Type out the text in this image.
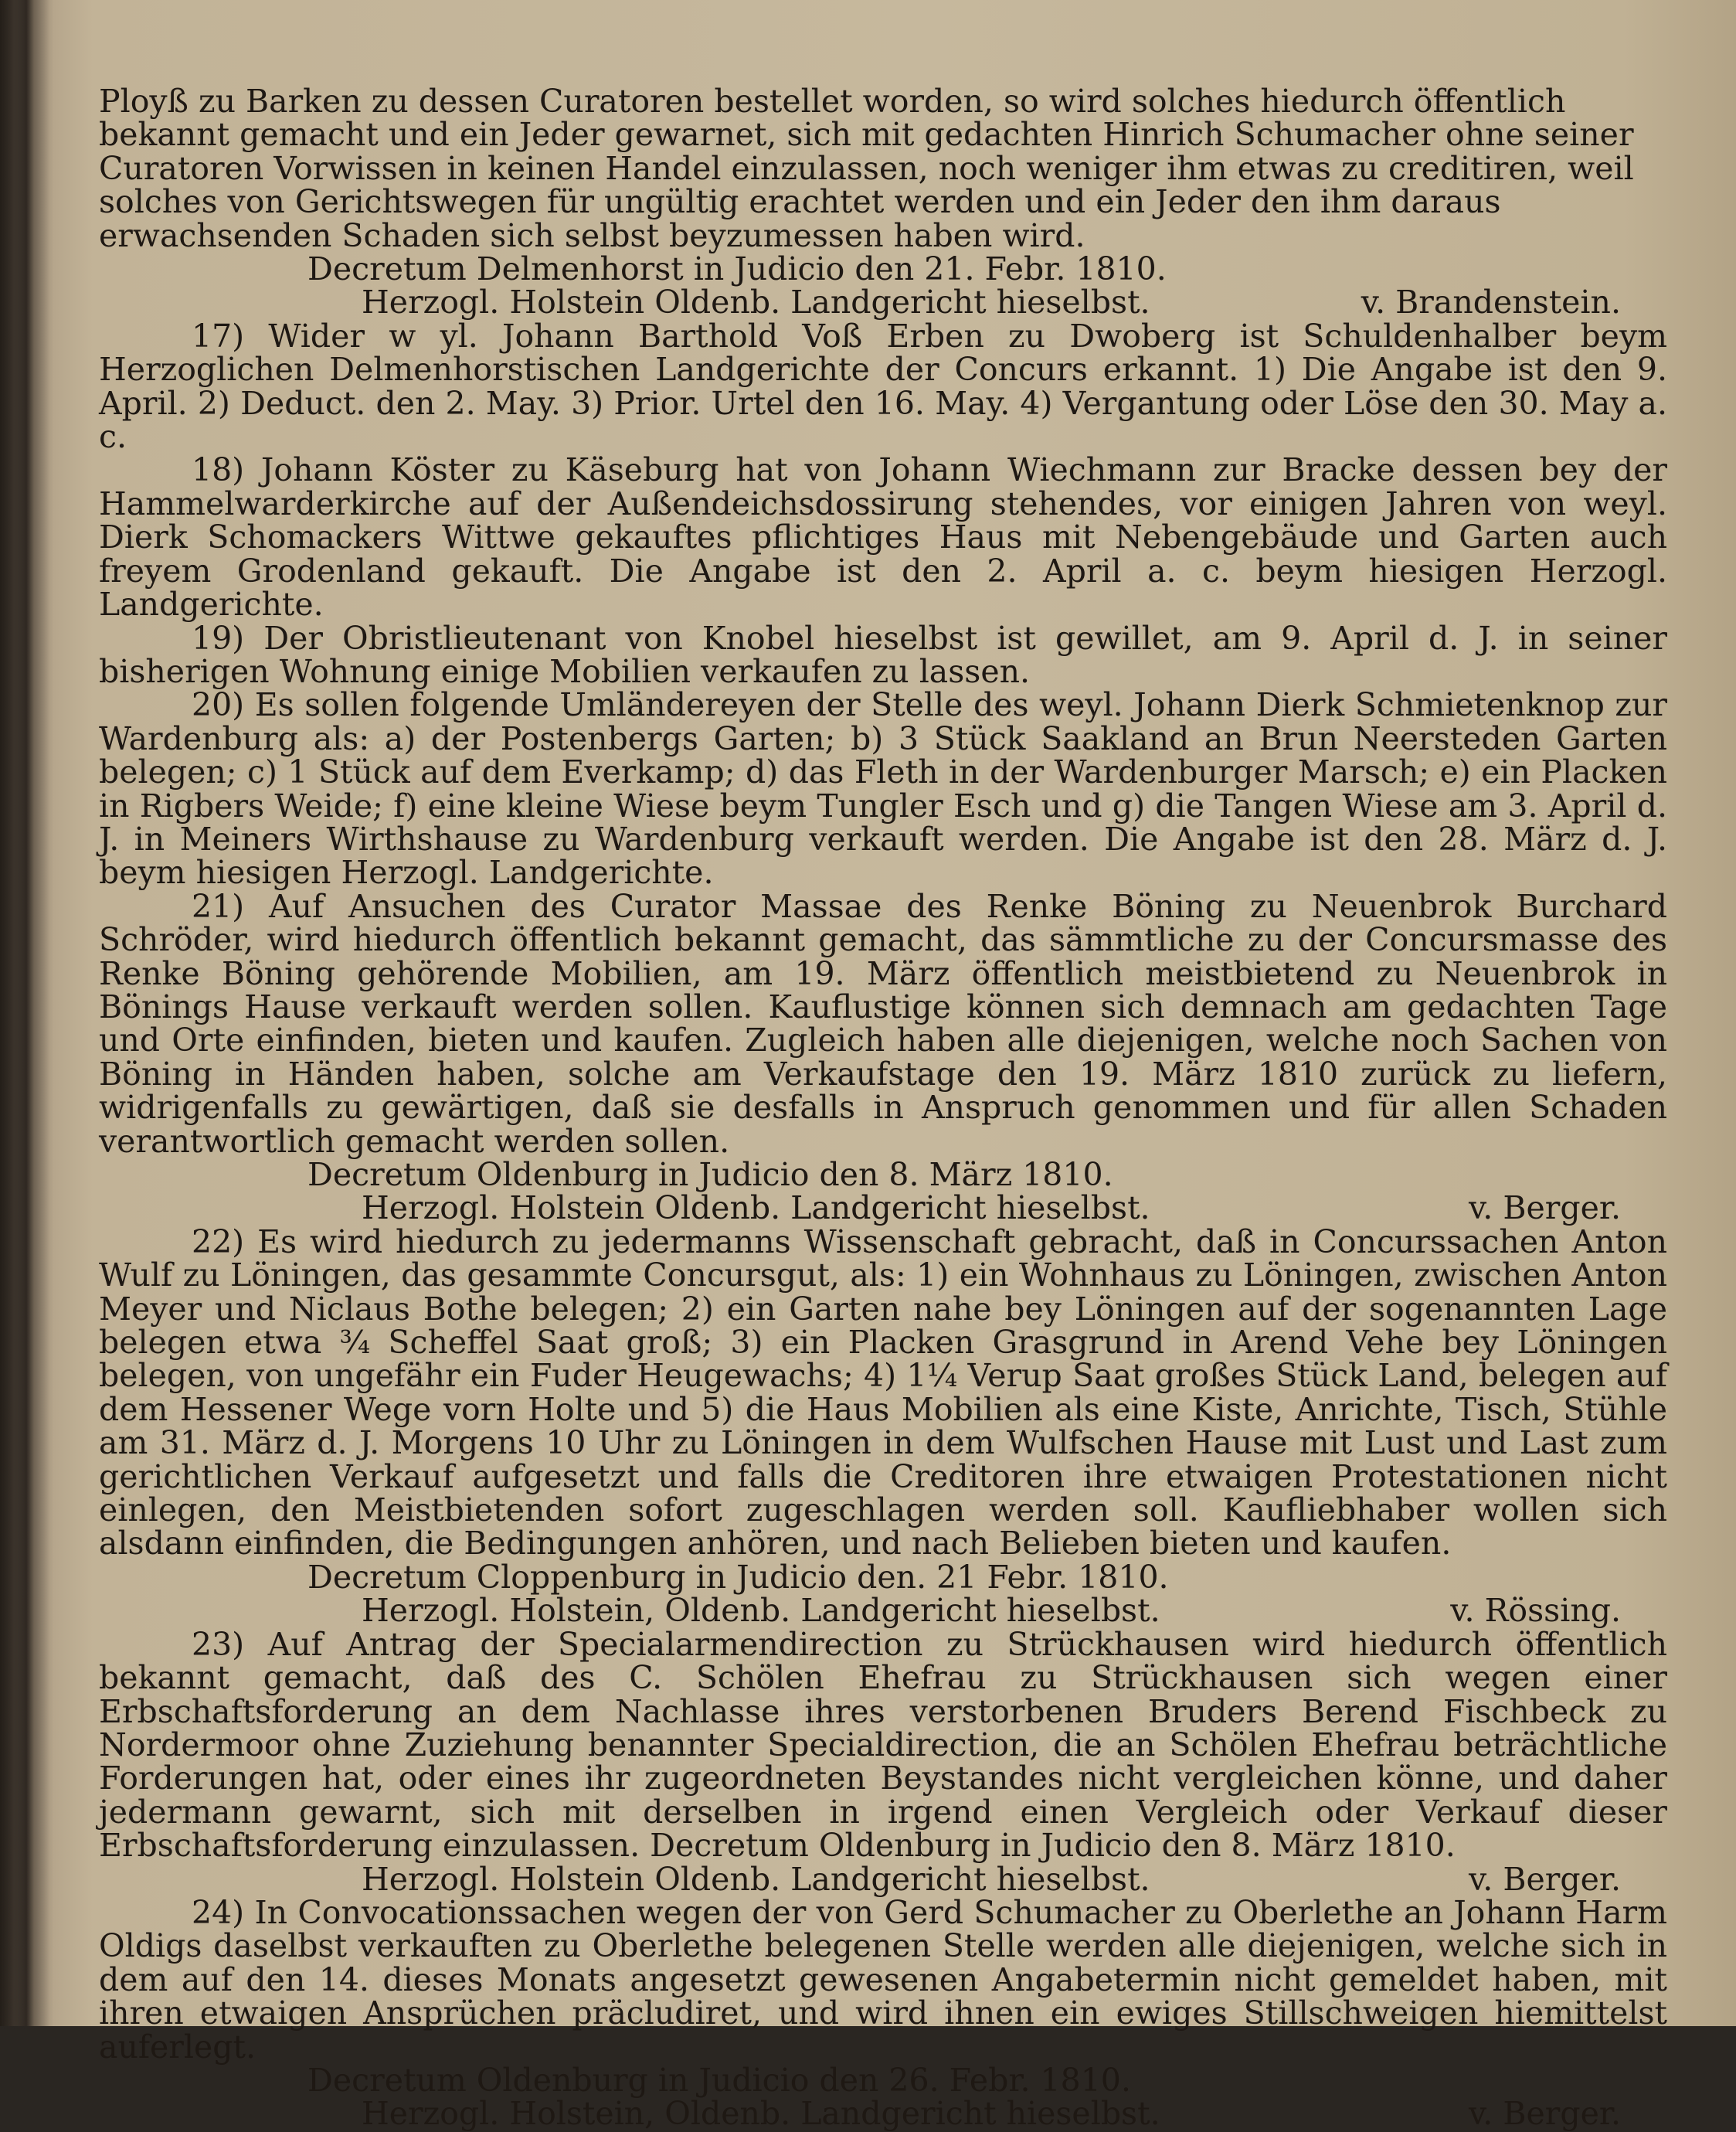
Ployß zu Barken zu dessen Curatoren bestellet worden, so wird solches hiedurch öffentlich bekannt gemacht und ein Jeder gewarnet, sich mit gedachten Hinrich Schumacher ohne seiner Curatoren Vorwissen in keinen Handel einzulassen, noch weniger ihm etwas zu creditiren, weil solches von Gerichtswegen für ungültig erachtet werden und ein Jeder den ihm daraus erwachsenden Schaden sich selbst beyzumessen haben wird.

Decretum Delmenhorst in Judicio den 21. Febr. 1810.

Herzogl. Holstein Oldenb. Landgericht hieselbst.	v. Brandenstein.

17) Wider w yl. Johann Barthold Voß Erben zu Dwoberg ist Schuldenhalber beym Herzoglichen Delmenhorstischen Landgerichte der Concurs erkannt. 1) Die Angabe ist den 9. April. 2) Deduct. den 2. May. 3) Prior. Urtel den 16. May. 4) Vergantung oder Löse den 30. May a. c.

18) Johann Köster zu Käseburg hat von Johann Wiechmann zur Bracke dessen bey der Hammelwarderkirche auf der Außendeichsdossirung stehendes, vor einigen Jahren von weyl. Dierk Schomackers Wittwe gekauftes pflichtiges Haus mit Nebengebäude und Garten auch freyem Grodenland gekauft. Die Angabe ist den 2. April a. c. beym hiesigen Herzogl. Landgerichte.

19) Der Obristlieutenant von Knobel hieselbst ist gewillet, am 9. April d. J. in seiner bisherigen Wohnung einige Mobilien verkaufen zu lassen.

20) Es sollen folgende Umländereyen der Stelle des weyl. Johann Dierk Schmietenknop zur Wardenburg als: a) der Postenbergs Garten; b) 3 Stück Saakland an Brun Neersteden Garten belegen; c) 1 Stück auf dem Everkamp; d) das Fleth in der Wardenburger Marsch; e) ein Placken in Rigbers Weide; f) eine kleine Wiese beym Tungler Esch und g) die Tangen Wiese am 3. April d. J. in Meiners Wirthshause zu Wardenburg verkauft werden. Die Angabe ist den 28. März d. J. beym hiesigen Herzogl. Landgerichte.

21) Auf Ansuchen des Curator Massae des Renke Böning zu Neuenbrok Burchard Schröder, wird hiedurch öffentlich bekannt gemacht, das sämmtliche zu der Concursmasse des Renke Böning gehörende Mobilien, am 19. März öffentlich meistbietend zu Neuenbrok in Bönings Hause verkauft werden sollen. Kauflustige können sich demnach am gedachten Tage und Orte einfinden, bieten und kaufen. Zugleich haben alle diejenigen, welche noch Sachen von Böning in Händen haben, solche am Verkaufstage den 19. März 1810 zurück zu liefern, widrigenfalls zu gewärtigen, daß sie desfalls in Anspruch genommen und für allen Schaden verantwortlich gemacht werden sollen.

Decretum Oldenburg in Judicio den 8. März 1810.

Herzogl. Holstein Oldenb. Landgericht hieselbst.	v. Berger.

22) Es wird hiedurch zu jedermanns Wissenschaft gebracht, daß in Concurssachen Anton Wulf zu Löningen, das gesammte Concursgut, als: 1) ein Wohnhaus zu Löningen, zwischen Anton Meyer und Niclaus Bothe belegen; 2) ein Garten nahe bey Löningen auf der sogenannten Lage belegen etwa ¾ Scheffel Saat groß; 3) ein Placken Grasgrund in Arend Vehe bey Löningen belegen, von ungefähr ein Fuder Heugewachs; 4) 1¼ Verup Saat großes Stück Land, belegen auf dem Hessener Wege vorn Holte und 5) die Haus Mobilien als eine Kiste, Anrichte, Tisch, Stühle am 31. März d. J. Morgens 10 Uhr zu Löningen in dem Wulfschen Hause mit Lust und Last zum gerichtlichen Verkauf aufgesetzt und falls die Creditoren ihre etwaigen Protestationen nicht einlegen, den Meistbietenden sofort zugeschlagen werden soll. Kaufliebhaber wollen sich alsdann einfinden, die Bedingungen anhören, und nach Belieben bieten und kaufen.

Decretum Cloppenburg in Judicio den. 21 Febr. 1810.

Herzogl. Holstein, Oldenb. Landgericht hieselbst.	v. Rössing.

23) Auf Antrag der Specialarmendirection zu Strückhausen wird hiedurch öffentlich bekannt gemacht, daß des C. Schölen Ehefrau zu Strückhausen sich wegen einer Erbschaftsforderung an dem Nachlasse ihres verstorbenen Bruders Berend Fischbeck zu Nordermoor ohne Zuziehung benannter Specialdirection, die an Schölen Ehefrau beträchtliche Forderungen hat, oder eines ihr zugeordneten Beystandes nicht vergleichen könne, und daher jedermann gewarnt, sich mit derselben in irgend einen Vergleich oder Verkauf dieser Erbschaftsforderung einzulassen. Decretum Oldenburg in Judicio den 8. März 1810.

Herzogl. Holstein Oldenb. Landgericht hieselbst.	v. Berger.

24) In Convocationssachen wegen der von Gerd Schumacher zu Oberlethe an Johann Harm Oldigs daselbst verkauften zu Oberlethe belegenen Stelle werden alle diejenigen, welche sich in dem auf den 14. dieses Monats angesetzt gewesenen Angabetermin nicht gemeldet haben, mit ihren etwaigen Ansprüchen präcludiret, und wird ihnen ein ewiges Stillschweigen hiemittelst auferlegt.

Decretum Oldenburg in Judicio den 26. Febr. 1810.

Herzogl. Holstein, Oldenb. Landgericht hieselbst.	v. Berger.
